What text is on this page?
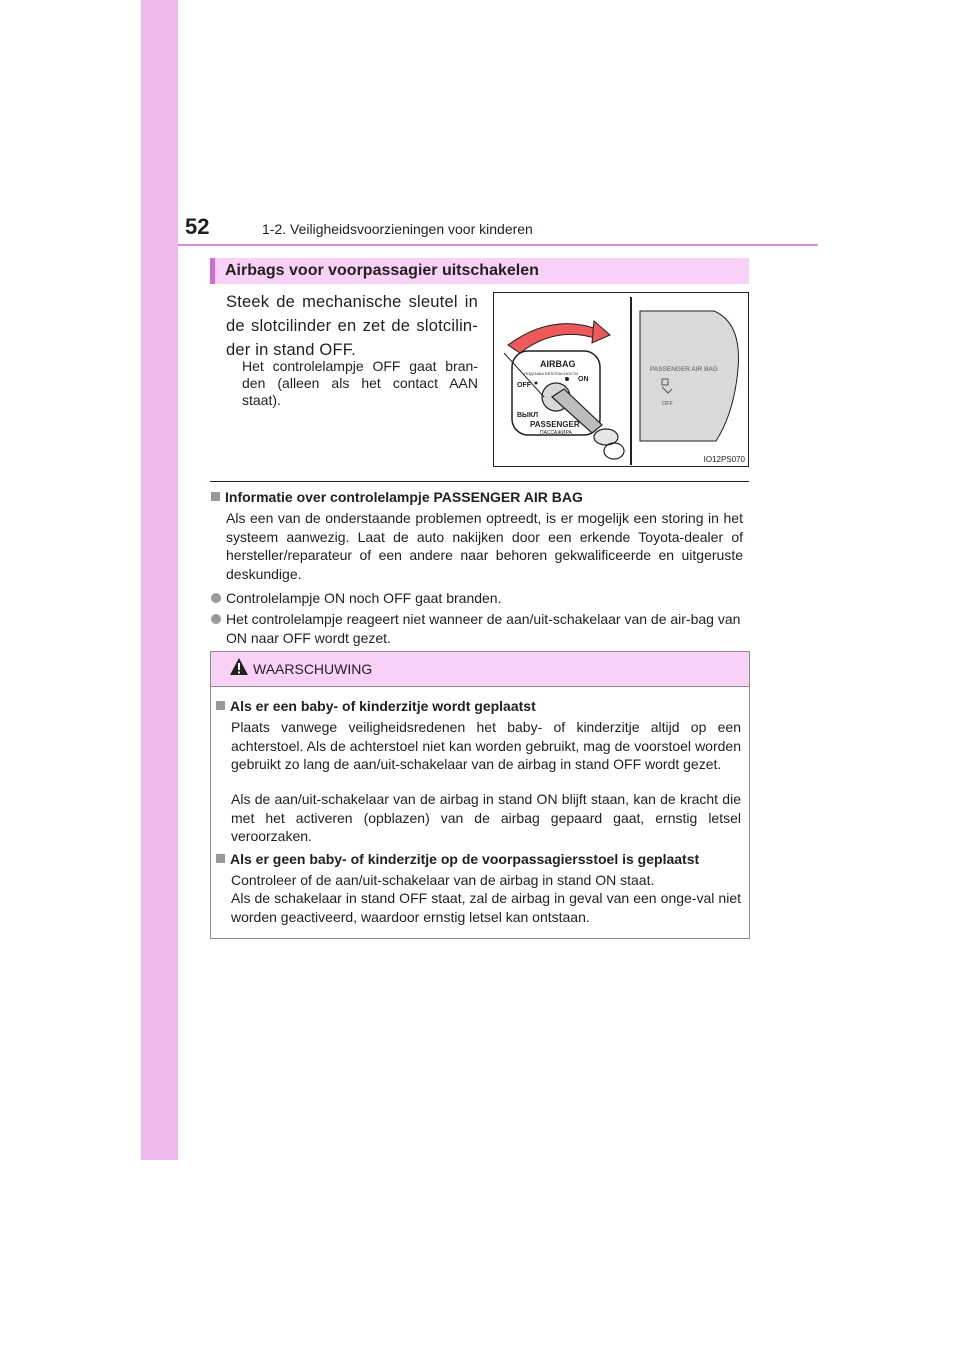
52	1-2. Veiligheidsvoorzieningen voor kinderen
Airbags voor voorpassagier uitschakelen
Steek de mechanische sleutel in de slotcilinder en zet de slotcilin-der in stand OFF.
Het controlelampje OFF gaat bran-den (alleen als het contact AAN staat).
AIRBAG
ПОДУШКА БЕЗОПАСНОСТИ
OFF
ON
ВЫКЛ
PASSENGER
ПАССАЖИРА
PASSENGER AIR BAG
OFF
IO12PS070
Informatie over controlelampje PASSENGER AIR BAG
Als een van de onderstaande problemen optreedt, is er mogelijk een storing in het systeem aanwezig. Laat de auto nakijken door een erkende Toyota-dealer of hersteller/reparateur of een andere naar behoren gekwalificeerde en uitgeruste deskundige.
Controlelampje ON noch OFF gaat branden.
Het controlelampje reageert niet wanneer de aan/uit-schakelaar van de air-bag van ON naar OFF wordt gezet.
WAARSCHUWING
Als er een baby- of kinderzitje wordt geplaatst
Plaats vanwege veiligheidsredenen het baby- of kinderzitje altijd op een achterstoel. Als de achterstoel niet kan worden gebruikt, mag de voorstoel worden gebruikt zo lang de aan/uit-schakelaar van de airbag in stand OFF wordt gezet.
Als de aan/uit-schakelaar van de airbag in stand ON blijft staan, kan de kracht die met het activeren (opblazen) van de airbag gepaard gaat, ernstig letsel veroorzaken.
Als er geen baby- of kinderzitje op de voorpassagiersstoel is geplaatst
Controleer of de aan/uit-schakelaar van de airbag in stand ON staat.
Als de schakelaar in stand OFF staat, zal de airbag in geval van een onge-val niet worden geactiveerd, waardoor ernstig letsel kan ontstaan.
